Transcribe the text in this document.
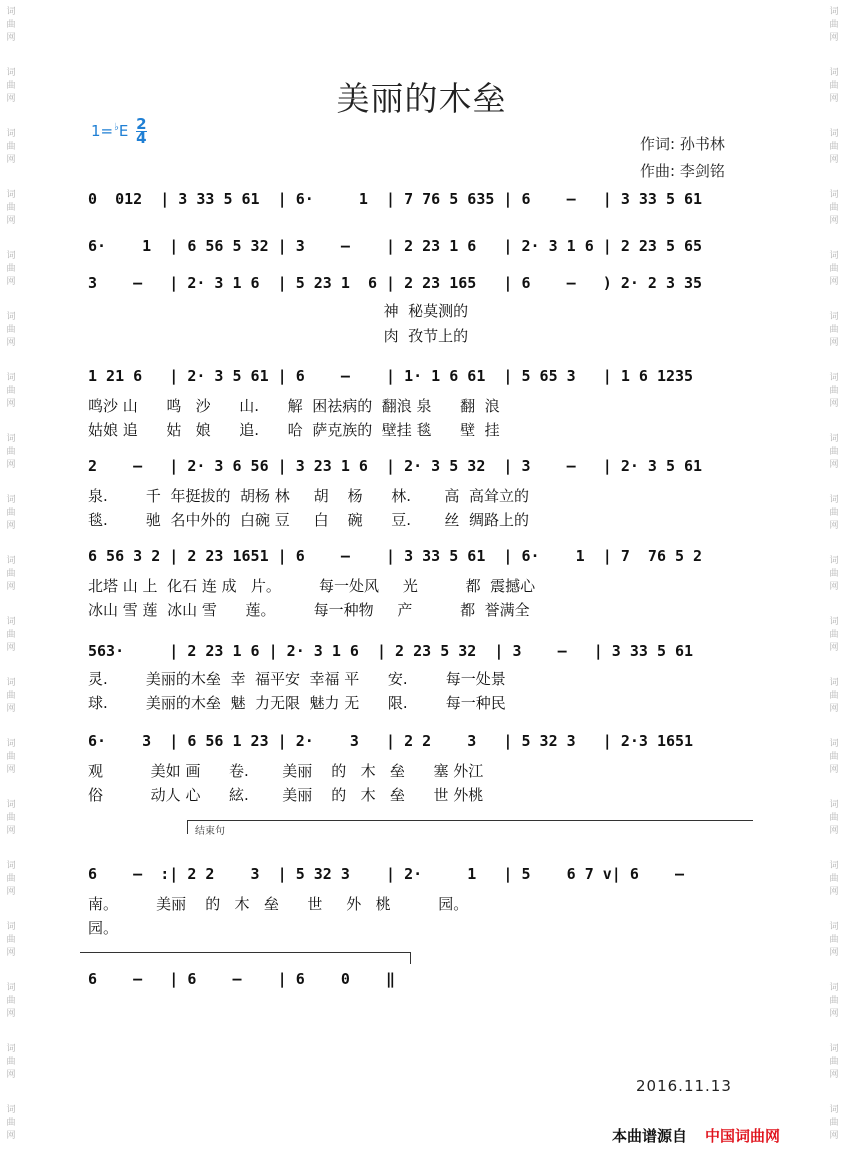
词
曲
网
词
曲
网
词
曲
网
词
曲
网
词
曲
网
词
曲
网
词
曲
网
词
曲
网
词
曲
网
词
曲
网
词
曲
网
词
曲
网
词
曲
网
词
曲
网
词
曲
网
词
曲
网
词
曲
网
词
曲
网
词
曲
网
词
曲
网
词
曲
网
词
曲
网
词
曲
网
词
曲
网
词
曲
网
词
曲
网
词
曲
网
词
曲
网
词
曲
网
词
曲
网
词
曲
网
词
曲
网
词
曲
网
词
曲
网
词
曲
网
词
曲
网
词
曲
网
词
曲
网
美丽的木垒
$1=^♭E \frac{2}{4}$	作词: 孙书林
作曲: 李剑铭
0  012  | 3 33 5 61  | 6·     1  | 7 76 5 635 | 6    –   | 3 33 5 61
6·    1  | 6 56 5 32 | 3    –    | 2 23 1 6   | 2· 3 1 6 | 2 23 5 65
3    –   | 2· 3 1 6  | 5 23 1  6 | 2 23 165   | 6    –   ) 2· 2 3 35
神  秘莫测的
肉  孜节上的
1 21 6   | 2· 3 5 61 | 6    –    | 1· 1 6 61  | 5 65 3   | 1 6 1235
鸣沙 山      鸣   沙      山.      解  困祛病的  翻浪 泉      翻  浪
姑娘 追      姑   娘      追.      哈  萨克族的  壁挂 毯      壁  挂
2    –   | 2· 3 6 56 | 3 23 1 6  | 2· 3 5 32  | 3    –   | 2· 3 5 61
泉.        千  年挺拔的  胡杨 林     胡    杨      林.       高  高耸立的
毯.        驰  名中外的  白碗 豆     白    碗      豆.       丝  绸路上的
6 56 3 2 | 2 23 1651 | 6    –    | 3 33 5 61  | 6·    1  | 7  76 5 2
北塔 山 上  化石 连 成   片。        每一处风     光          都  震撼心
冰山 雪 莲  冰山 雪      莲。        每一种物     产          都  誉满全
563·     | 2 23 1 6 | 2· 3 1 6  | 2 23 5 32  | 3    –   | 3 33 5 61
灵.        美丽的木垒  幸  福平安  幸福 平      安.        每一处景
球.        美丽的木垒  魅  力无限  魅力 无      限.        每一种民
6·    3  | 6 56 1 23 | 2·    3   | 2 2    3   | 5 32 3   | 2·3 1651
观          美如 画      卷.       美丽    的   木   垒      塞 外江
俗          动人 心      絃.       美丽    的   木   垒      世 外桃
结束句
6    –  :| 2 2    3  | 5 32 3    | 2·     1   | 5    6 7 v| 6    –
南。        美丽    的   木   垒      世     外   桃          园。
园。
6    –   | 6    –    | 6    0    ‖
2016.11.13
本曲谱源自 中国词曲网
